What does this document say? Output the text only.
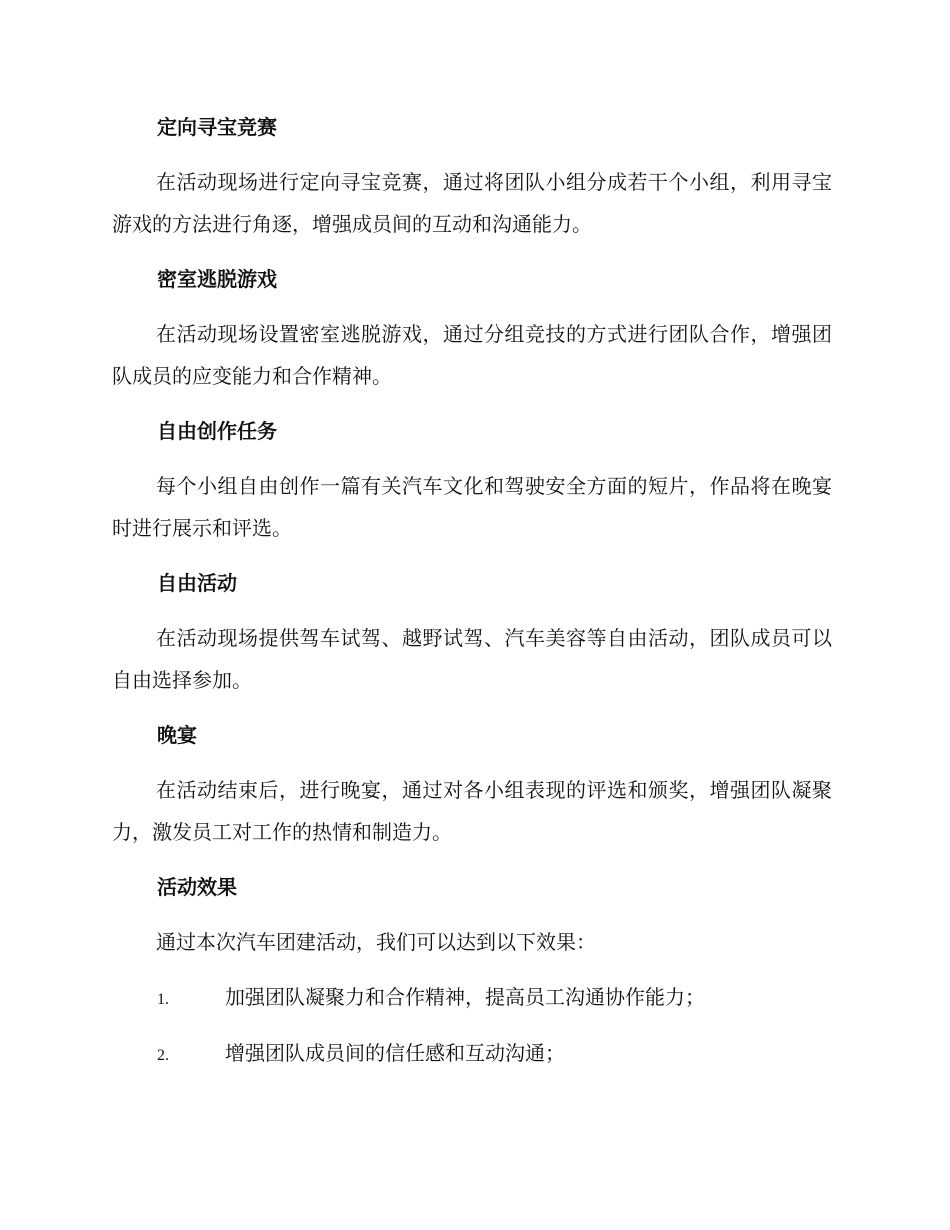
定向寻宝竞赛

在活动现场进行定向寻宝竞赛，通过将团队小组分成若干个小组，利用寻宝游戏的方法进行角逐，增强成员间的互动和沟通能力。

密室逃脱游戏

在活动现场设置密室逃脱游戏，通过分组竞技的方式进行团队合作，增强团队成员的应变能力和合作精神。

自由创作任务

每个小组自由创作一篇有关汽车文化和驾驶安全方面的短片，作品将在晚宴时进行展示和评选。

自由活动

在活动现场提供驾车试驾、越野试驾、汽车美容等自由活动，团队成员可以自由选择参加。

晚宴

在活动结束后，进行晚宴，通过对各小组表现的评选和颁奖，增强团队凝聚力，激发员工对工作的热情和制造力。

活动效果

通过本次汽车团建活动，我们可以达到以下效果：

1.	加强团队凝聚力和合作精神，提高员工沟通协作能力；
2.	增强团队成员间的信任感和互动沟通；
